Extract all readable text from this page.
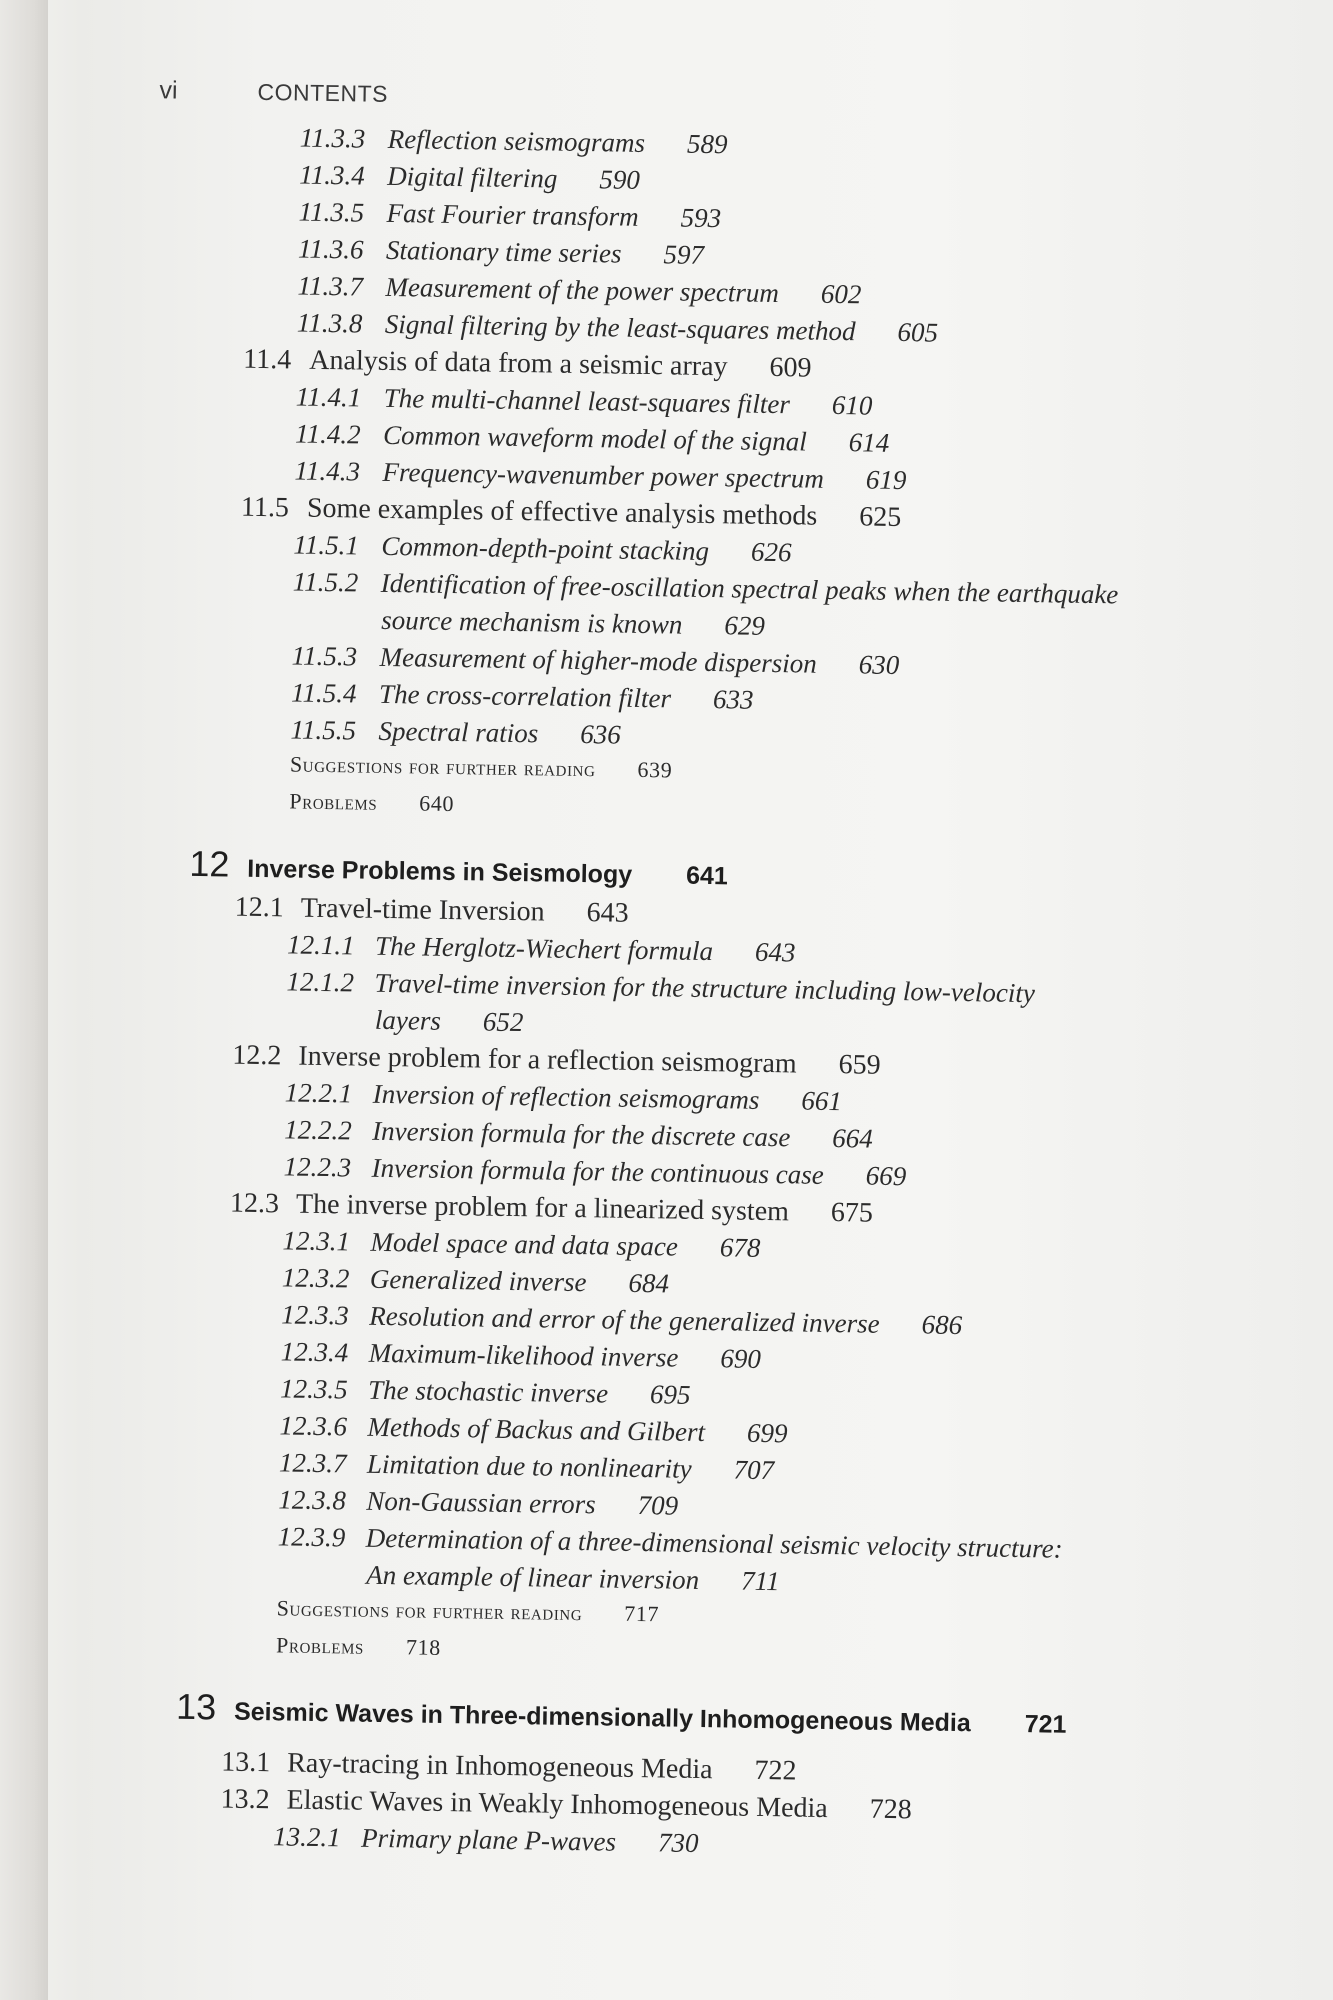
vi	CONTENTS
11.3.3 Reflection seismograms 589
11.3.4 Digital filtering 590
11.3.5 Fast Fourier transform 593
11.3.6 Stationary time series 597
11.3.7 Measurement of the power spectrum 602
11.3.8 Signal filtering by the least-squares method 605
11.4 Analysis of data from a seismic array 609
11.4.1 The multi-channel least-squares filter 610
11.4.2 Common waveform model of the signal 614
11.4.3 Frequency-wavenumber power spectrum 619
11.5 Some examples of effective analysis methods 625
11.5.1 Common-depth-point stacking 626
11.5.2 Identification of free-oscillation spectral peaks when the earthquake
source mechanism is known 629
11.5.3 Measurement of higher-mode dispersion 630
11.5.4 The cross-correlation filter 633
11.5.5 Spectral ratios 636
Suggestions for further reading 639
Problems 640
12 Inverse Problems in Seismology 641
12.1 Travel-time Inversion 643
12.1.1 The Herglotz-Wiechert formula 643
12.1.2 Travel-time inversion for the structure including low-velocity
layers 652
12.2 Inverse problem for a reflection seismogram 659
12.2.1 Inversion of reflection seismograms 661
12.2.2 Inversion formula for the discrete case 664
12.2.3 Inversion formula for the continuous case 669
12.3 The inverse problem for a linearized system 675
12.3.1 Model space and data space 678
12.3.2 Generalized inverse 684
12.3.3 Resolution and error of the generalized inverse 686
12.3.4 Maximum-likelihood inverse 690
12.3.5 The stochastic inverse 695
12.3.6 Methods of Backus and Gilbert 699
12.3.7 Limitation due to nonlinearity 707
12.3.8 Non-Gaussian errors 709
12.3.9 Determination of a three-dimensional seismic velocity structure:
An example of linear inversion 711
Suggestions for further reading 717
Problems 718
13 Seismic Waves in Three-dimensionally Inhomogeneous Media 721
13.1 Ray-tracing in Inhomogeneous Media 722
13.2 Elastic Waves in Weakly Inhomogeneous Media 728
13.2.1 Primary plane P-waves 730
